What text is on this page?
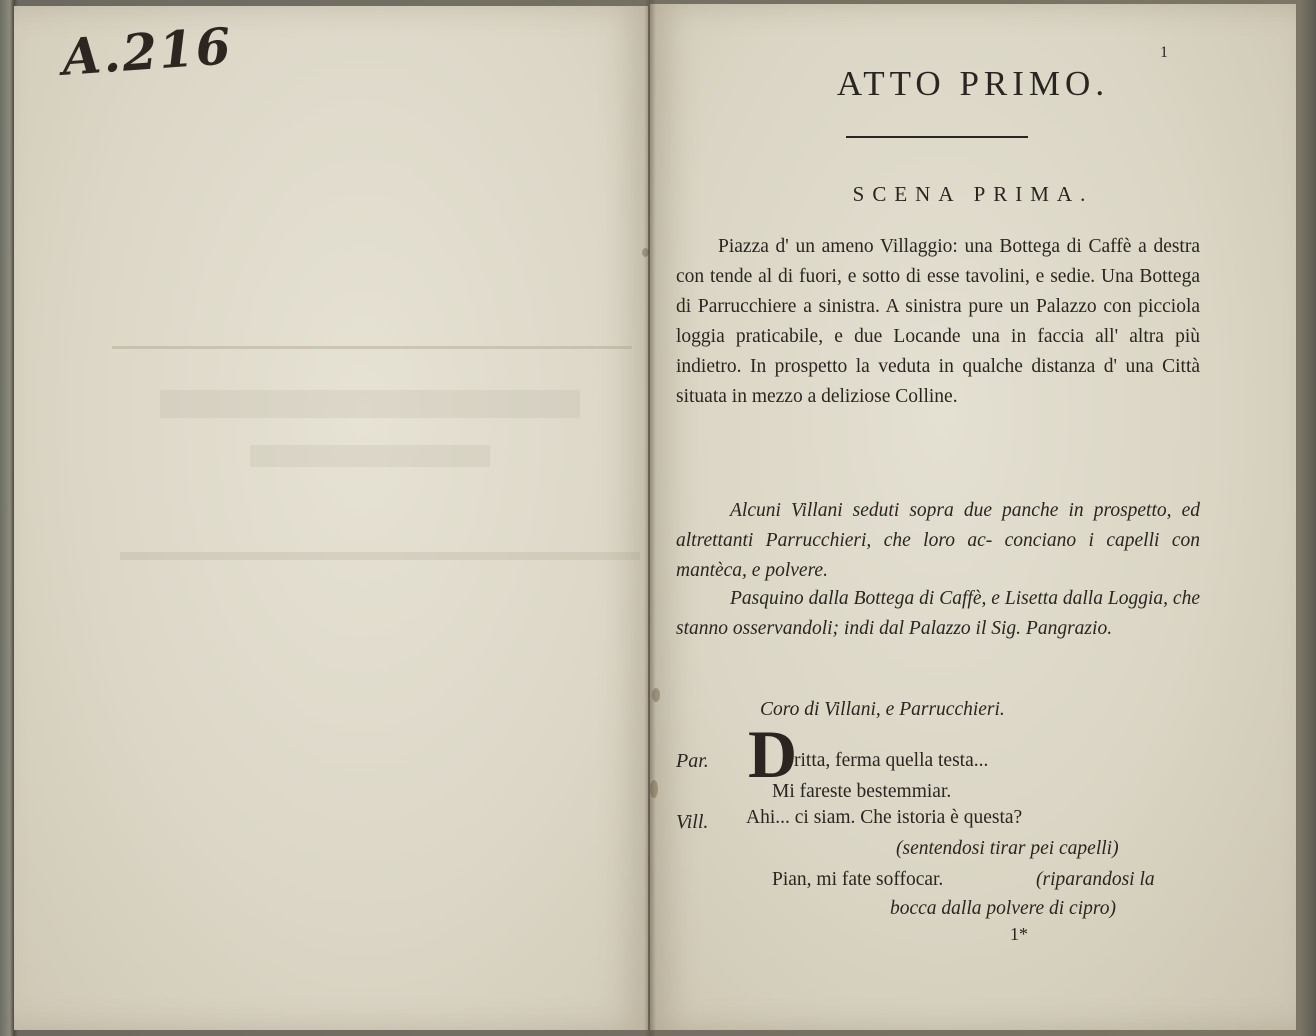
A.216	1
ATTO PRIMO.
SCENA PRIMA.
Piazza d' un ameno Villaggio: una Bottega di Caffè a destra con tende al di fuori, e sotto di esse tavolini, e sedie. Una Bottega di Parrucchiere a sinistra. A sinistra pure un Palazzo con picciola loggia praticabile, e due Locande una in faccia all' altra più indietro. In prospetto la veduta in qualche distanza d' una Città situata in mezzo a deliziose Colline.
Alcuni Villani seduti sopra due panche in prospetto, ed altrettanti Parrucchieri, che loro ac- conciano i capelli con mantèca, e polvere.
Pasquino dalla Bottega di Caffè, e Lisetta dalla Loggia, che stanno osservandoli; indi dal Palazzo il Sig. Pangrazio.
Coro di Villani, e Parrucchieri.
Par. D
ritta, ferma quella testa...
Mi fareste bestemmiar.
Vill. Ahi... ci siam. Che istoria è questa?
(sentendosi tirar pei capelli)
Pian, mi fate soffocar.	(riparandosi la
bocca dalla polvere di cipro)
1*
